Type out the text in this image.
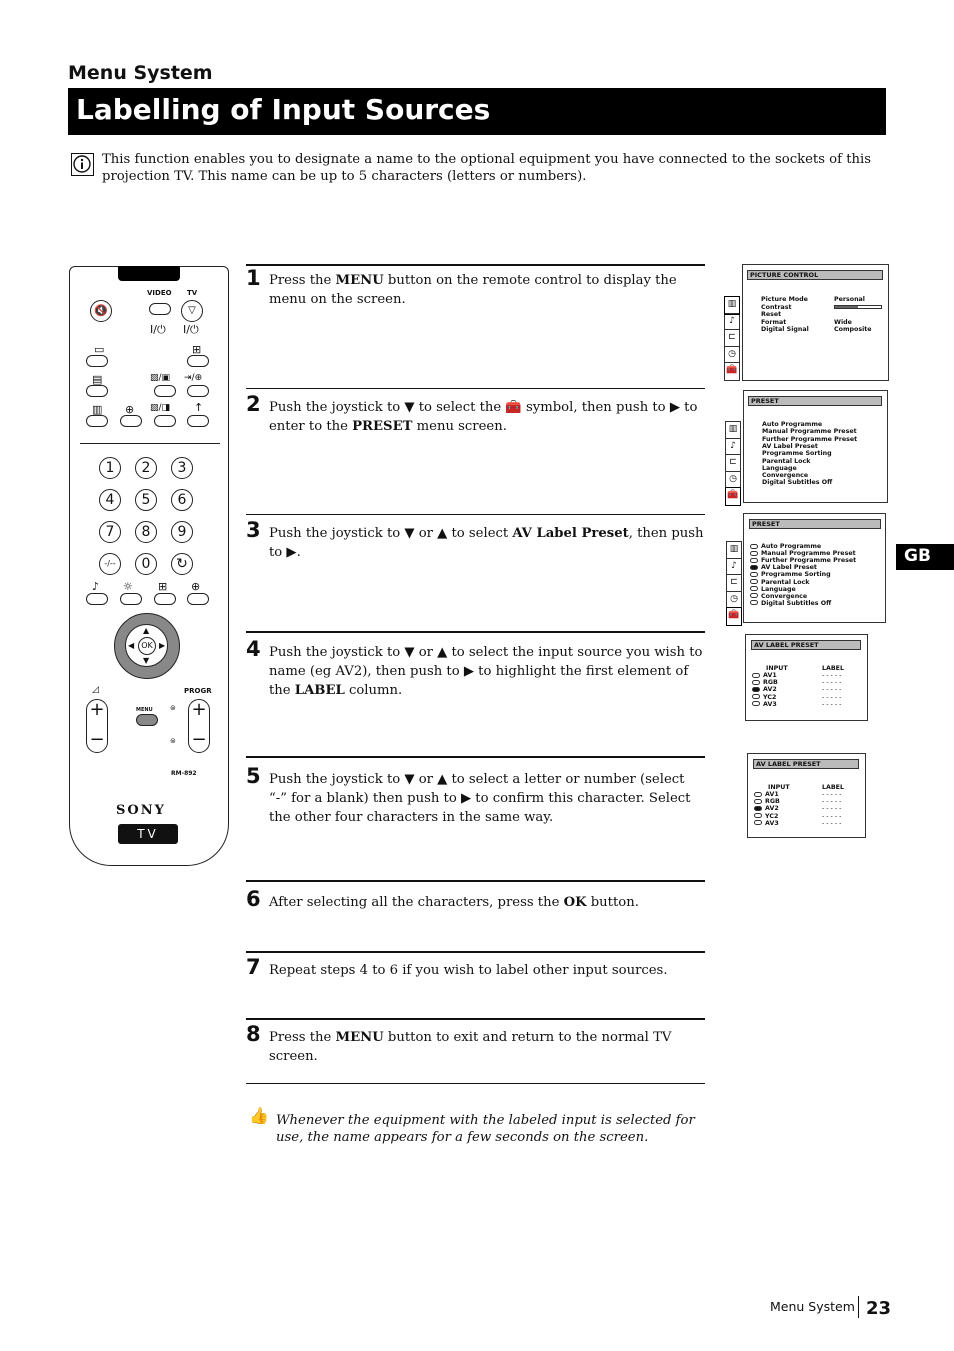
Menu System
Labelling of Input Sources

This function enables you to designate a name to the optional equipment you have connected to the sockets of this projection TV. This name can be up to 5 characters (letters or numbers).

GB
VIDEO TV
🔇	▽
I/⏻ I/⏻
▭	⊞
▤	▨/▣ ⇥/⊕
▥ ⊕ ▨/◨ ↑
1	2	3
4	5	6
7	8	9
-/--	0	↻
♪ ☼ ⊞ ⊕
OK
▲
▼
◀	▶
◿	PROGR
+
−
+
−
MENU ⊜
⊜
RM-892
SONY
TV
1 Press the MENU button on the remote control to display the menu on the screen.
2 Push the joystick to ▼ to select the 🧰 symbol, then push to ▶ to enter to the PRESET menu screen.
3 Push the joystick to ▼ or ▲ to select AV Label Preset, then push to ▶.
4 Push the joystick to ▼ or ▲ to select the input source you wish to name (eg AV2), then push to ▶ to highlight the first element of the LABEL column.
5 Push the joystick to ▼ or ▲ to select a letter or number (select “-” for a blank) then push to ▶ to confirm this character. Select the other four characters in the same way.
6 After selecting all the characters, press the OK button.
7 Repeat steps 4 to 6 if you wish to label other input sources.
8 Press the MENU button to exit and return to the normal TV screen.
👍 Whenever the equipment with the labeled input is selected for use, the name appears for a few seconds on the screen.
PICTURE CONTROL
Picture Mode
Contrast
Reset
Format
Digital Signal
Personal
Wide
Composite
▥
♪
⊏
◷
🧰
PRESET
Auto Programme
Manual Programme Preset
Further Programme Preset
AV Label Preset
Programme Sorting
Parental Lock
Language
Convergence
Digital Subtitles Off
▥
♪
⊏
◷
🧰
PRESET
Auto Programme
Manual Programme Preset
Further Programme Preset
AV Label Preset
Programme Sorting
Parental Lock
Language
Convergence
Digital Subtitles Off
▥
♪
⊏
◷
🧰
AV LABEL PRESET
INPUT	LABEL
AV1	- - - - -
RGB	- - - - -
AV2	- - - - -
YC2	- - - - -
AV3	- - - - -
AV LABEL PRESET
INPUT	LABEL
AV1	- - - - -
RGB	- - - - -
AV2	- - - - -
YC2	- - - - -
AV3	- - - - -
Menu System 23
